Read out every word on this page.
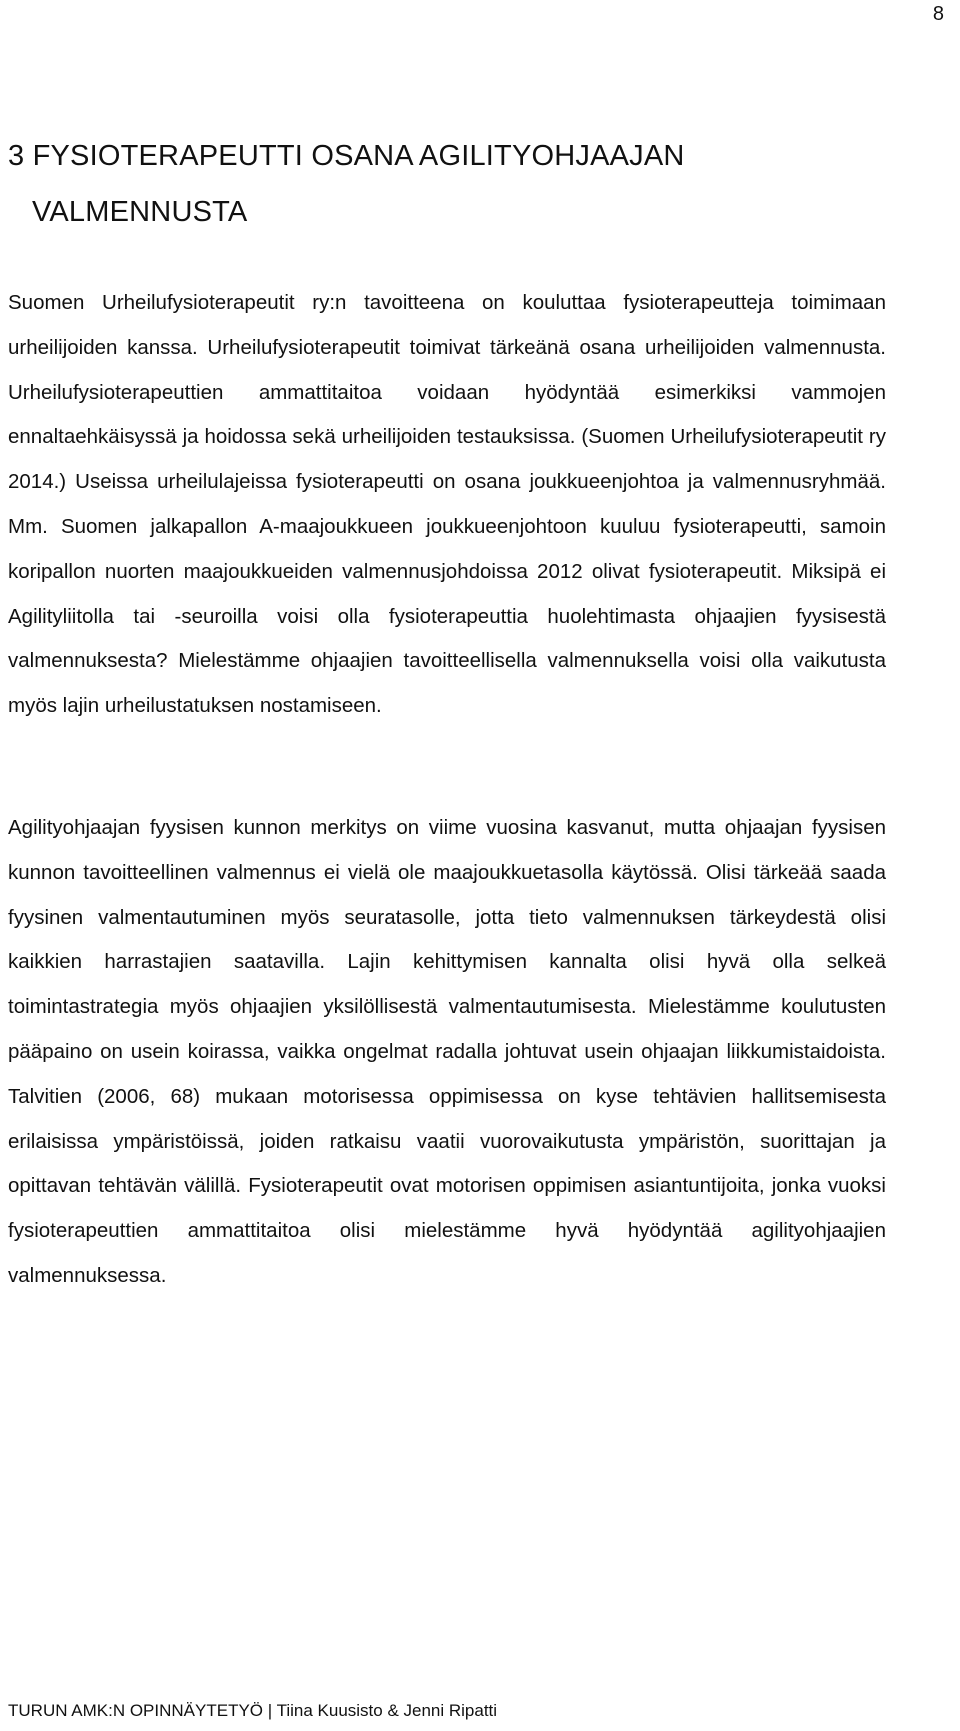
8
3 FYSIOTERAPEUTTI OSANA AGILITYOHJAAJAN
VALMENNUSTA

Suomen Urheilufysioterapeutit ry:n tavoitteena on kouluttaa fysioterapeutteja toimimaan urheilijoiden kanssa. Urheilufysioterapeutit toimivat tärkeänä osana urheilijoiden valmennusta. Urheilufysioterapeuttien ammattitaitoa voidaan hyödyntää esimerkiksi vammojen ennaltaehkäisyssä ja hoidossa sekä urheilijoiden testauksissa. (Suomen Urheilufysioterapeutit ry 2014.) Useissa urheilulajeissa fysioterapeutti on osana joukkueenjohtoa ja valmennusryhmää. Mm. Suomen jalkapallon A-maajoukkueen joukkueenjohtoon kuuluu fysioterapeutti, samoin koripallon nuorten maajoukkueiden valmennusjohdoissa 2012 olivat fysioterapeutit. Miksipä ei Agilityliitolla tai -seuroilla voisi olla fysioterapeuttia huolehtimasta ohjaajien fyysisestä valmennuksesta? Mielestämme ohjaajien tavoitteellisella valmennuksella voisi olla vaikutusta myös lajin urheilustatuksen nostamiseen.

Agilityohjaajan fyysisen kunnon merkitys on viime vuosina kasvanut, mutta ohjaajan fyysisen kunnon tavoitteellinen valmennus ei vielä ole maajoukkuetasolla käytössä. Olisi tärkeää saada fyysinen valmentautuminen myös seuratasolle, jotta tieto valmennuksen tärkeydestä olisi kaikkien harrastajien saatavilla. Lajin kehittymisen kannalta olisi hyvä olla selkeä toimintastrategia myös ohjaajien yksilöllisestä valmentautumisesta. Mielestämme koulutusten pääpaino on usein koirassa, vaikka ongelmat radalla johtuvat usein ohjaajan liikkumistaidoista. Talvitien (2006, 68) mukaan motorisessa oppimisessa on kyse tehtävien hallitsemisesta erilaisissa ympäristöissä, joiden ratkaisu vaatii vuorovaikutusta ympäristön, suorittajan ja opittavan tehtävän välillä. Fysioterapeutit ovat motorisen oppimisen asiantuntijoita, jonka vuoksi fysioterapeuttien ammattitaitoa olisi mielestämme hyvä hyödyntää agilityohjaajien valmennuksessa.

TURUN AMK:N OPINNÄYTETYÖ | Tiina Kuusisto & Jenni Ripatti
